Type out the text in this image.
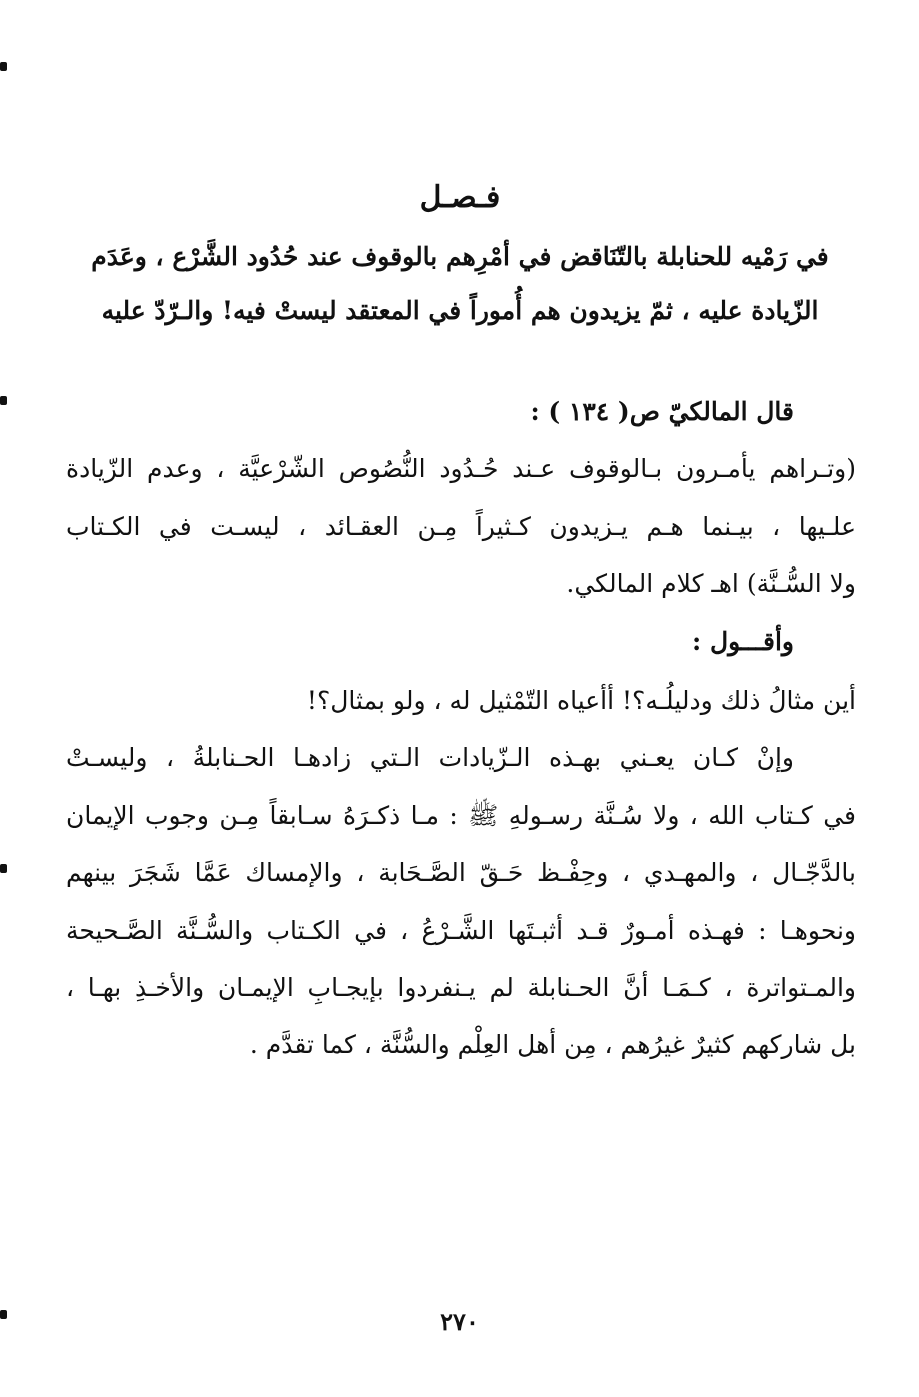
فـصـل
في رَمْيه للحنابلة بالتّنَاقض في أمْرِهم بالوقوف عند حُدُود الشَّرْع ، وعَدَم
الزّيادة عليه ، ثمّ يزيدون هم أُموراً في المعتقد ليستْ فيه! والـرّدّ عليه
قال المالكيّ ص( ١٣٤ ) :
(وتـراهم يأمـرون بـالوقوف عـند حُـدُود النُّصُوص الشّرْعيَّة ، وعدم الزّيادة
علـيها ، بيـنما هـم يـزيدون كـثيراً مِـن العقـائد ، ليسـت في الكـتاب
ولا السُّـنَّة) اهـ كلام المالكي.
وأقـــول :
أين مثالُ ذلك ودليلُـه؟! أأعياه التّمْثيل له ، ولو بمثال؟!
وإنْ كـان يعـني بهـذه الـزّيادات الـتي زادهـا الحـنابلةُ ، وليسـتْ
في كـتاب الله ، ولا سُـنَّة رسـولهِ ﷺ : مـا ذكـرَهُ سـابقاً مِـن وجوب الإيمان
بالدَّجّـال ، والمهـدي ، وحِفْـظ حَـقّ الصَّـحَابة ، والإمساك عَمَّا شَجَرَ بينهم
ونحوهـا : فهـذه أمـورٌ قـد أثبـتَها الشَّـرْعُ ، في الكـتاب والسُّـنَّة الصَّـحيحة
والمـتواترة ، كـمَـا أنَّ الحـنابلة لم يـنفردوا بإيجـابِ الإيمـان والأخـذِ بهـا ،
بل شاركهم كثيرٌ غيرُهم ، مِن أهل العِلْم والسُّنَّة ، كما تقدَّم .
٢٧٠
